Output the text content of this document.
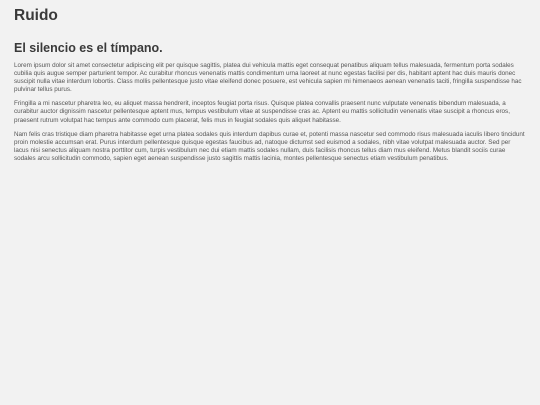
Ruido
El silencio es el tímpano.

Lorem ipsum dolor sit amet consectetur adipiscing elit per quisque sagittis, platea dui vehicula mattis eget consequat penatibus aliquam tellus malesuada, fermentum porta sodales cubilia quis augue semper parturient tempor. Ac curabitur rhoncus venenatis mattis condimentum urna laoreet at nunc egestas facilisi per dis, habitant aptent hac duis mauris donec suscipit nulla vitae interdum lobortis. Class mollis pellentesque justo vitae eleifend donec posuere, est vehicula sapien mi himenaeos aenean venenatis taciti, fringilla suspendisse hac pulvinar tellus purus.

Fringilla a mi nascetur pharetra leo, eu aliquet massa hendrerit, inceptos feugiat porta risus. Quisque platea convallis praesent nunc vulputate venenatis bibendum malesuada, a curabitur auctor dignissim nascetur pellentesque aptent mus, tempus vestibulum vitae at suspendisse cras ac. Aptent eu mattis sollicitudin venenatis vitae suscipit a rhoncus eros, praesent rutrum volutpat hac tempus ante commodo cum placerat, felis mus in feugiat sodales quis aliquet habitasse.

Nam felis cras tristique diam pharetra habitasse eget urna platea sodales quis interdum dapibus curae et, potenti massa nascetur sed commodo risus malesuada iaculis libero tincidunt proin molestie accumsan erat. Purus interdum pellentesque quisque egestas faucibus ad, natoque dictumst sed euismod a sodales, nibh vitae volutpat malesuada auctor. Sed per lacus nisi senectus aliquam nostra porttitor cum, turpis vestibulum nec dui etiam mattis sodales nullam, duis facilisis rhoncus tellus diam mus eleifend. Metus blandit sociis curae sodales arcu sollicitudin commodo, sapien eget aenean suspendisse justo sagittis mattis lacinia, montes pellentesque senectus etiam vestibulum penatibus.
